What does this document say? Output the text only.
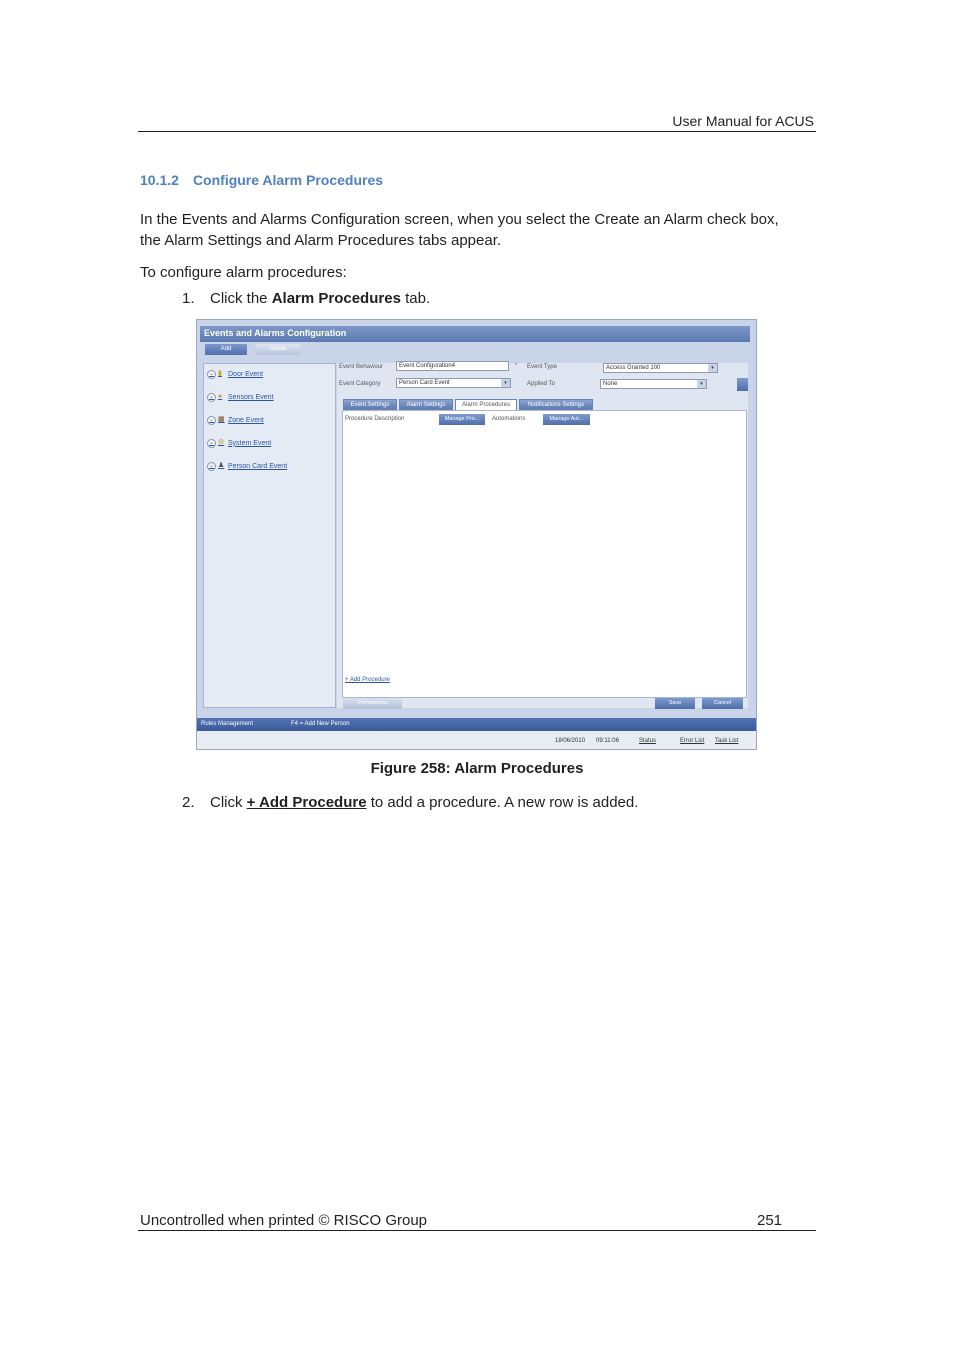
User Manual for ACUS
10.1.2 Configure Alarm Procedures
In the Events and Alarms Configuration screen, when you select the Create an Alarm check box,
the Alarm Settings and Alarm Procedures tabs appear.
To configure alarm procedures:
1. Click the Alarm Procedures tab.
Events and Alarms Configuration
Add	Delete
⌄ ▮ Door Event
⌄ ● Sensors Event
⌄ ▦ Zone Event
⌄ ⚙ System Event
⌄ ♟ Person Card Event
Event Behaviour	Event Configuration4	* Event Type	Access Granted 100	▾
Event Category	Person Card Event	▾	Applied To	None	▾
Event Settings	Alarm Settings	Alarm Procedures	Notifications Settings
Procedure Description	Manage Pro...	Automations	Manage Aut...
+ Add Procedure
Permissions	Save	Cancel
Rules Management	F4 = Add New Person
18/06/2010 09:11:06	Status	Error List Task List
Figure 258: Alarm Procedures
2. Click + Add Procedure to add a procedure. A new row is added.
Uncontrolled when printed © RISCO Group	251
